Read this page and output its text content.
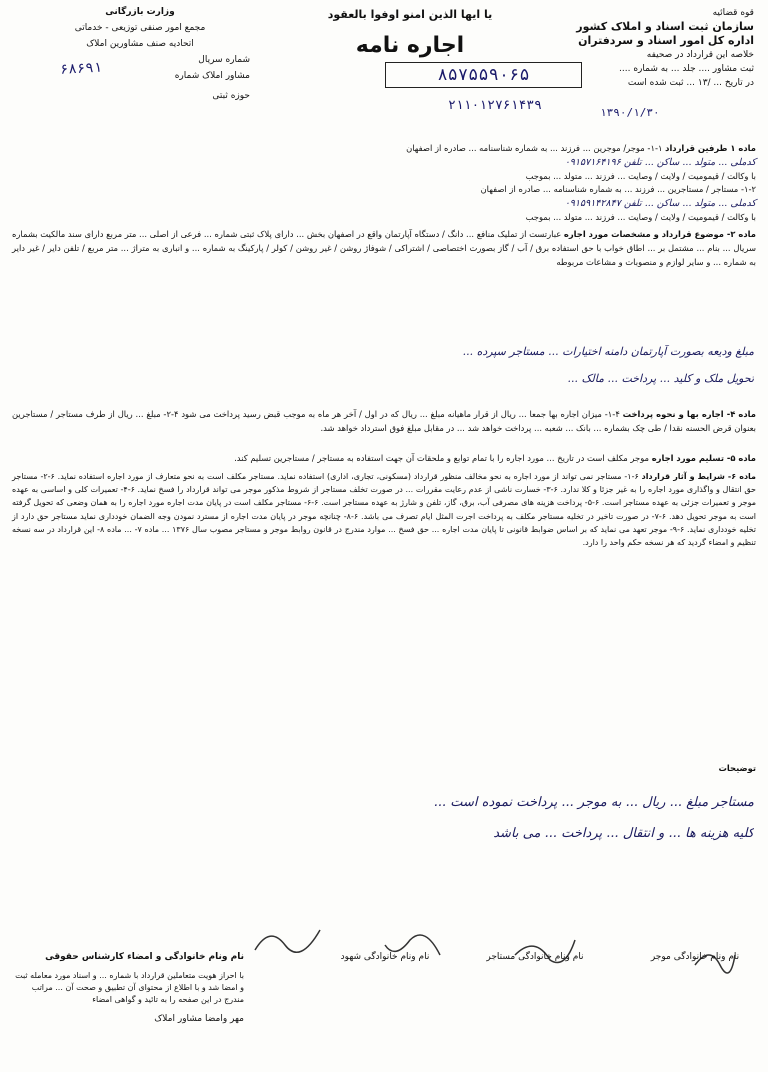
قوه قضائیه
سازمان ثبت اسناد و املاک کشور
اداره کل امور اسناد و سردفتران
خلاصه این قرارداد در صحیفه
ثبت مشاور .... جلد ... به شماره ....
در تاریخ ... /۱۳ ... ثبت شده است
وزارت بازرگانی
مجمع امور صنفی توزیعی - خدماتی
اتحادیه صنف مشاورین املاک
شماره سریال
مشاور املاک شماره
حوزه ثبتی
۶۸۶۹۱
یا ایها الذین امنو اوفوا بالعقود
اجاره نامه
۸۵۷۵۵۹۰۶۵
۲۱۱۰۱۲۷۶۱۴۳۹	۱۳۹۰/۱/۳۰
ماده ۱ طرفین قرارداد ۱-۱- موجر/ موجرین ... فرزند ... به شماره شناسنامه ... صادره از اصفهان
کدملی ... متولد ... ساکن ... تلفن ۰۹۱۵۷۱۶۴۱۹۶
با وکالت / قیمومیت / ولایت / وصایت ... فرزند ... متولد ... بموجب
۱-۲- مستاجر / مستاجرین ... فرزند ... به شماره شناسنامه ... صادره از اصفهان
کدملی ... متولد ... ساکن ... تلفن ۰۹۱۵۹۱۴۲۸۴۷
با وکالت / قیمومیت / ولایت / وصایت ... فرزند ... متولد ... بموجب
ماده ۲- موضوع قرارداد و مشخصات مورد اجاره عبارتست از تملیک منافع ... دانگ / دستگاه آپارتمان واقع در اصفهان بخش ... دارای پلاک ثبتی شماره ... فرعی از اصلی ... متر مربع دارای سند مالکیت بشماره سریال ... بنام ... مشتمل بر ... اطاق خواب با حق استفاده برق / آب / گاز بصورت اختصاصی / اشتراکی / شوفاژ روشن / غیر روشن / کولر / پارکینگ به شماره ... و انباری به متراژ ... متر مربع / تلفن دایر / غیر دایر به شماره ... و سایر لوازم و منصوبات و مشاعات مربوطه
مبلغ ودیعه بصورت آپارتمان دامنه اختیارات ... مستاجر سپرده ...
تحویل ملک و کلید ... پرداخت ... مالک ...
ماده ۴- اجاره بها و نحوه پرداخت ۴-۱- میزان اجاره بها جمعا ... ریال از قرار ماهیانه مبلغ ... ریال که در اول / آخر هر ماه به موجب قبض رسید پرداخت می شود ۴-۲- مبلغ ... ریال از طرف مستاجر / مستاجرین بعنوان قرض الحسنه نقدا / طی چک بشماره ... بانک ... شعبه ... پرداخت خواهد شد ... در مقابل مبلغ فوق استرداد خواهد شد.
ماده ۵- تسلیم مورد اجاره موجر مکلف است در تاریخ ... مورد اجاره را با تمام توابع و ملحقات آن جهت استفاده به مستاجر / مستاجرین تسلیم کند.
ماده ۶- شرایط و آثار قرارداد ۶-۱- مستاجر نمی تواند از مورد اجاره به نحو مخالف منظور قرارداد (مسکونی، تجاری، اداری) استفاده نماید. مستاجر مکلف است به نحو متعارف از مورد اجاره استفاده نماید. ۶-۲- مستاجر حق انتقال و واگذاری مورد اجاره را به غیر جزئا و کلا ندارد. ۶-۳- خسارت ناشی از عدم رعایت مقررات ... در صورت تخلف مستاجر از شروط مذکور موجر می تواند قرارداد را فسخ نماید. ۶-۴- تعمیرات کلی و اساسی به عهده موجر و تعمیرات جزئی به عهده مستاجر است. ۶-۵- پرداخت هزینه های مصرفی آب، برق، گاز، تلفن و شارژ به عهده مستاجر است. ۶-۶- مستاجر مکلف است در پایان مدت اجاره مورد اجاره را به همان وضعی که تحویل گرفته است به موجر تحویل دهد. ۶-۷- در صورت تاخیر در تخلیه مستاجر مکلف به پرداخت اجرت المثل ایام تصرف می باشد. ۶-۸- چنانچه موجر در پایان مدت اجاره از مسترد نمودن وجه الضمان خودداری نماید مستاجر حق دارد از تخلیه خودداری نماید. ۶-۹- موجر تعهد می نماید که بر اساس ضوابط قانونی تا پایان مدت اجاره ... حق فسخ ... موارد مندرج در قانون روابط موجر و مستاجر مصوب سال ۱۳۷۶ ... ماده ۷- ... ماده ۸- این قرارداد در سه نسخه تنظیم و امضاء گردید که هر نسخه حکم واحد را دارد.
توضیحات
مستاجر مبلغ ... ریال ... به موجر ... پرداخت نموده است ...
کلیه هزینه ها ... و انتقال ... پرداخت ... می باشد
نام ونام خانوادگی و امضاء کارشناس حقوقی
با احراز هویت متعاملین قرارداد با شماره ... و اسناد مورد معامله ثبت و امضا شد و با اطلاع از محتوای آن تطبیق و صحت آن ... مراتب مندرج در این صفحه را به تائید و گواهی امضاء
مهر وامضا مشاور املاک
نام ونام خانوادگی شهود	نام ونام خانوادگی مستاجر	نام ونام خانوادگی موجر
